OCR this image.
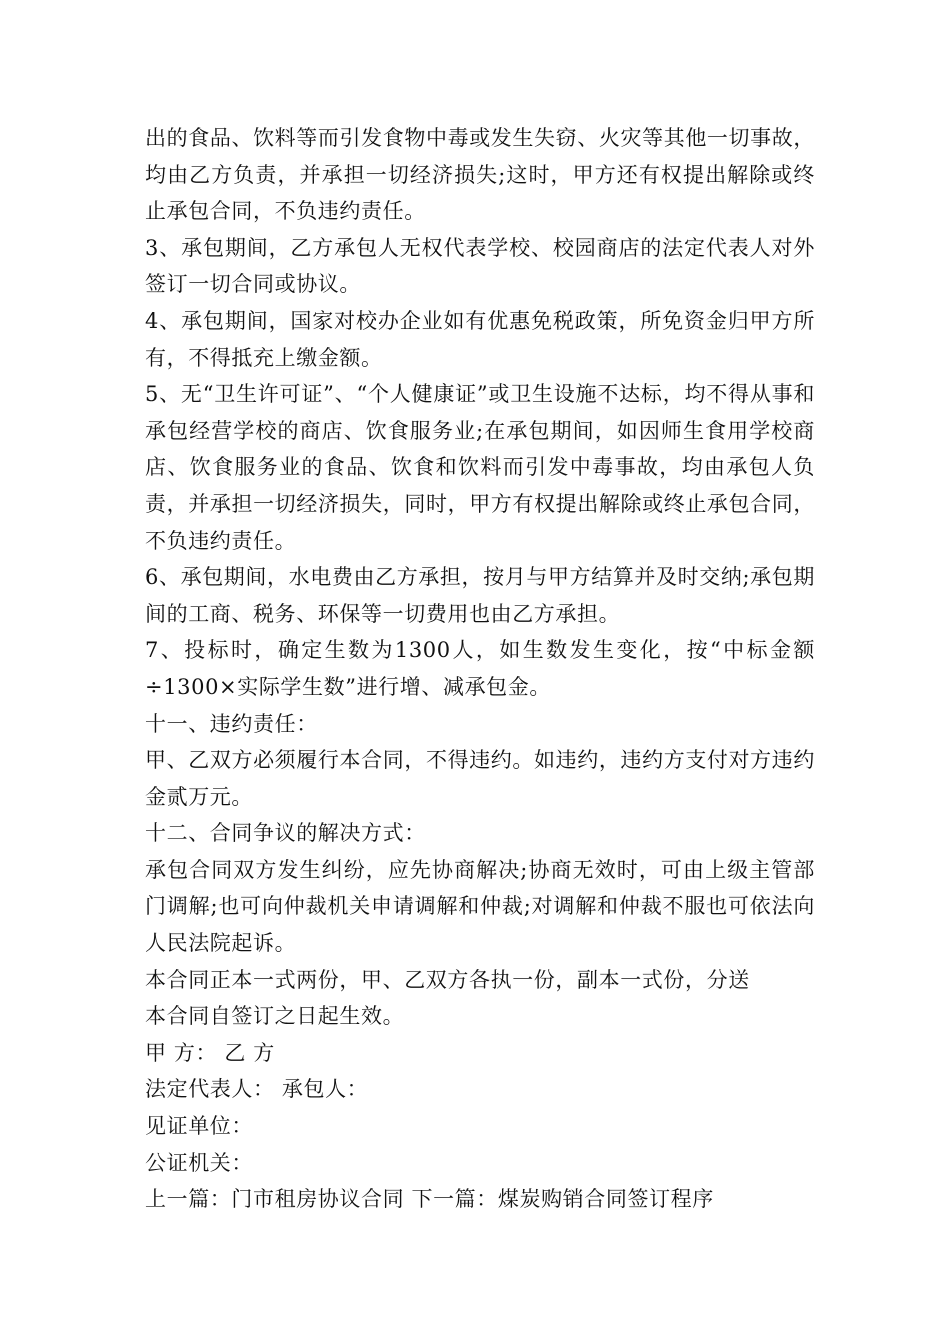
出的食品、饮料等而引发食物中毒或发生失窃、火灾等其他一切事故，均由乙方负责，并承担一切经济损失;这时，甲方还有权提出解除或终止承包合同，不负违约责任。

3、承包期间，乙方承包人无权代表学校、校园商店的法定代表人对外签订一切合同或协议。

4、承包期间，国家对校办企业如有优惠免税政策，所免资金归甲方所有，不得抵充上缴金额。

5、无“卫生许可证”、“个人健康证”或卫生设施不达标，均不得从事和承包经营学校的商店、饮食服务业;在承包期间，如因师生食用学校商店、饮食服务业的食品、饮食和饮料而引发中毒事故，均由承包人负责，并承担一切经济损失，同时，甲方有权提出解除或终止承包合同，不负违约责任。

6、承包期间，水电费由乙方承担，按月与甲方结算并及时交纳;承包期间的工商、税务、环保等一切费用也由乙方承担。

7、投标时，确定生数为1300人，如生数发生变化，按“中标金额÷1300×实际学生数”进行增、减承包金。

十一、违约责任：

甲、乙双方必须履行本合同，不得违约。如违约，违约方支付对方违约金贰万元。

十二、合同争议的解决方式：

承包合同双方发生纠纷，应先协商解决;协商无效时，可由上级主管部门调解;也可向仲裁机关申请调解和仲裁;对调解和仲裁不服也可依法向人民法院起诉。

本合同正本一式两份，甲、乙双方各执一份，副本一式份，分送

本合同自签订之日起生效。

甲 方： 乙 方

法定代表人： 承包人：

见证单位：

公证机关：

上一篇：门市租房协议合同 下一篇：煤炭购销合同签订程序
